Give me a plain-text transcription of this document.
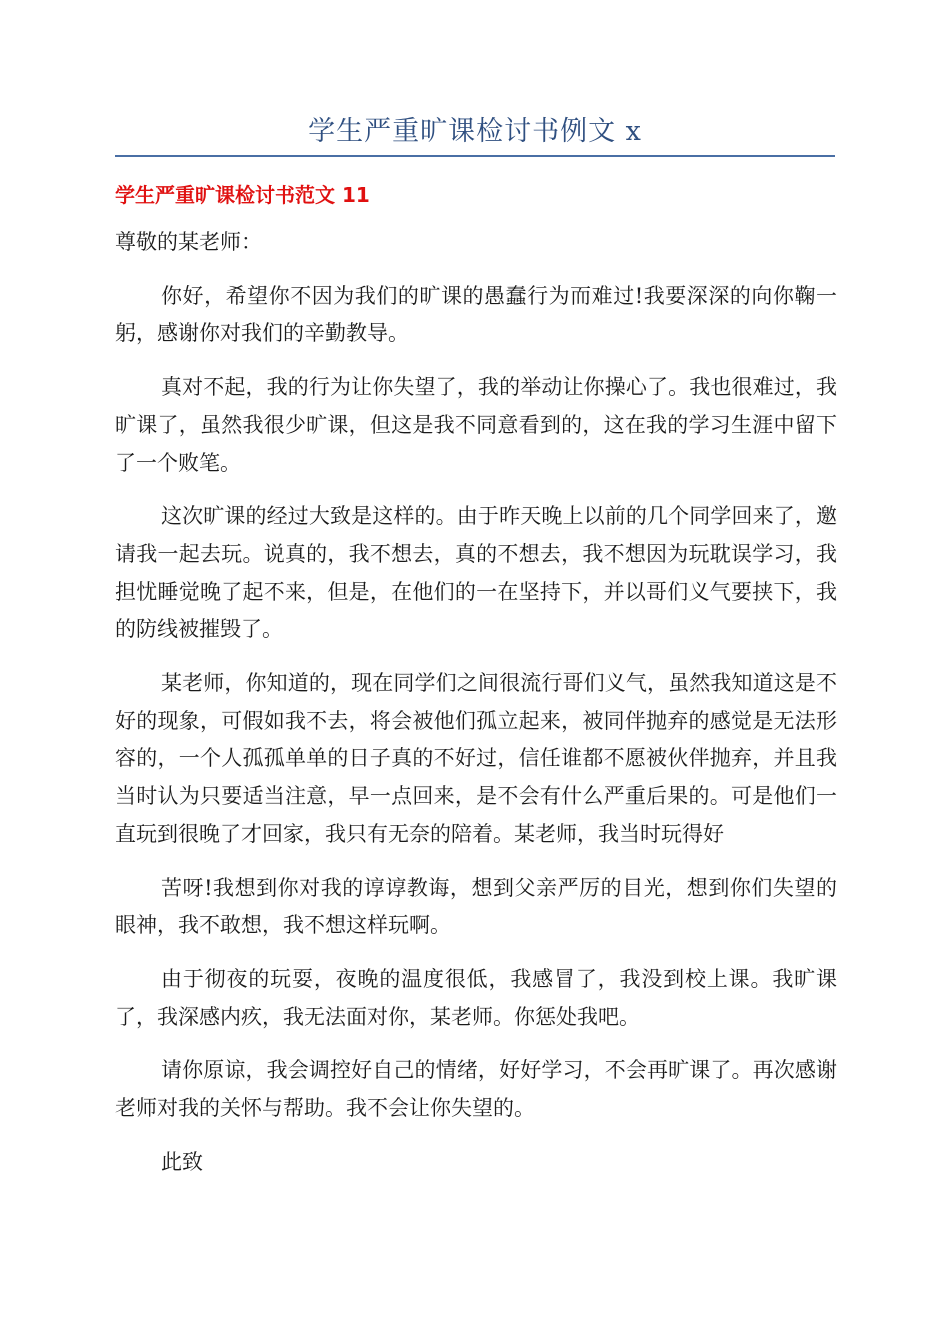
学生严重旷课检讨书例文 x
学生严重旷课检讨书范文 11

尊敬的某老师：

你好，希望你不因为我们的旷课的愚蠢行为而难过!我要深深的向你鞠一躬，感谢你对我们的辛勤教导。

真对不起，我的行为让你失望了，我的举动让你操心了。我也很难过，我旷课了，虽然我很少旷课，但这是我不同意看到的，这在我的学习生涯中留下了一个败笔。

这次旷课的经过大致是这样的。由于昨天晚上以前的几个同学回来了，邀请我一起去玩。说真的，我不想去，真的不想去，我不想因为玩耽误学习，我担忧睡觉晚了起不来，但是，在他们的一在坚持下，并以哥们义气要挟下，我的防线被摧毁了。

某老师，你知道的，现在同学们之间很流行哥们义气，虽然我知道这是不好的现象，可假如我不去，将会被他们孤立起来，被同伴抛弃的感觉是无法形容的，一个人孤孤单单的日子真的不好过，信任谁都不愿被伙伴抛弃，并且我当时认为只要适当注意，早一点回来，是不会有什么严重后果的。可是他们一直玩到很晚了才回家，我只有无奈的陪着。某老师，我当时玩得好

苦呀!我想到你对我的谆谆教诲，想到父亲严厉的目光，想到你们失望的眼神，我不敢想，我不想这样玩啊。

由于彻夜的玩耍，夜晚的温度很低，我感冒了，我没到校上课。我旷课了，我深感内疚，我无法面对你，某老师。你惩处我吧。

请你原谅，我会调控好自己的情绪，好好学习，不会再旷课了。再次感谢老师对我的关怀与帮助。我不会让你失望的。

此致
